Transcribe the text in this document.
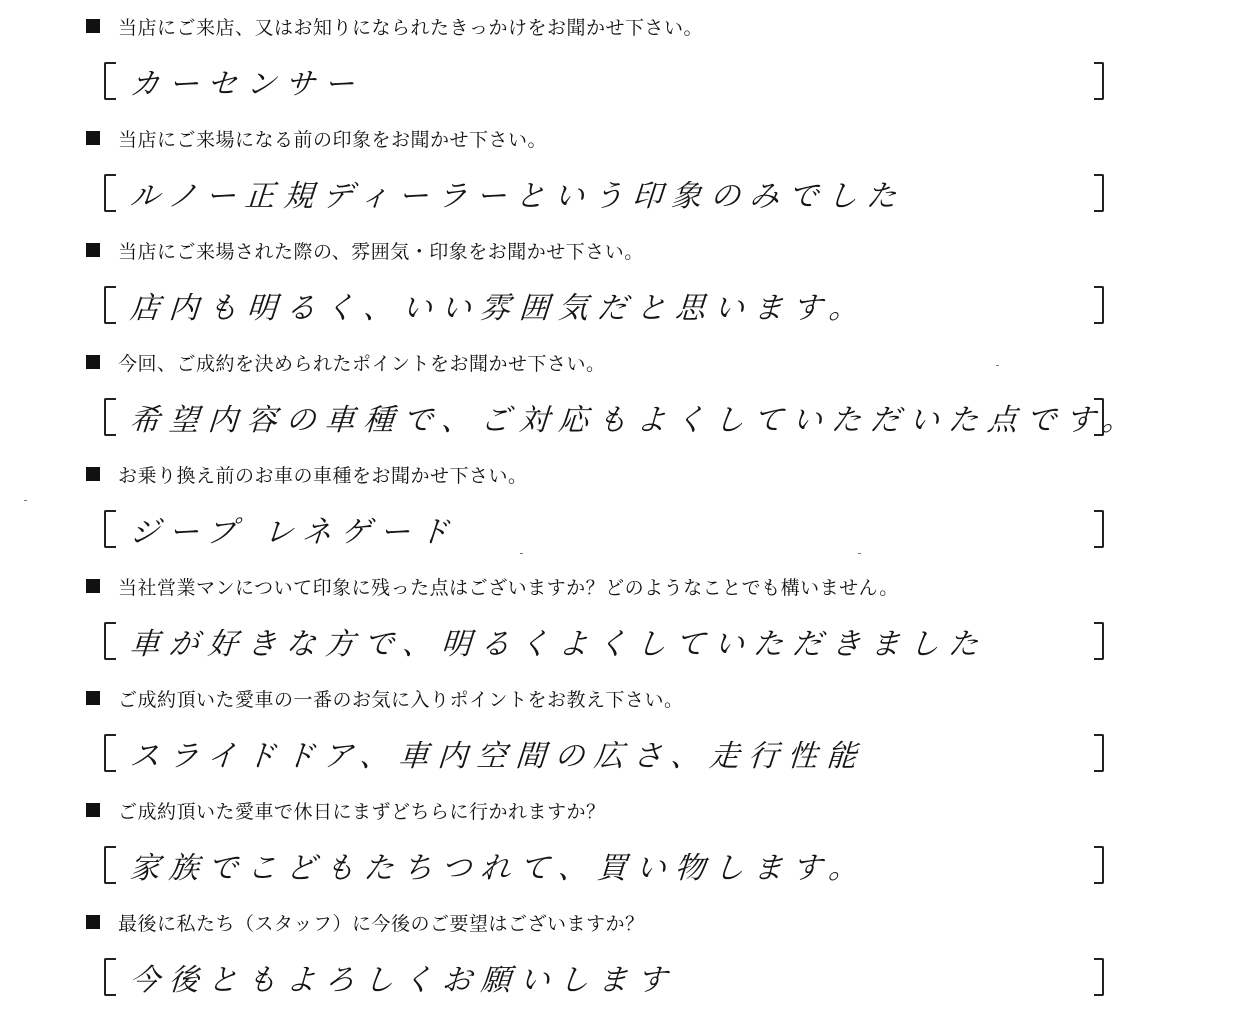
当店にご来店、又はお知りになられたきっかけをお聞かせ下さい。
カーセンサー
当店にご来場になる前の印象をお聞かせ下さい。
ルノー正規ディーラーという印象のみでした
当店にご来場された際の、雰囲気・印象をお聞かせ下さい。
店内も明るく、いい雰囲気だと思います。
今回、ご成約を決められたポイントをお聞かせ下さい。
希望内容の車種で、ご対応もよくしていただいた点です。
お乗り換え前のお車の車種をお聞かせ下さい。
ジープ レネゲード
当社営業マンについて印象に残った点はございますか？どのようなことでも構いません。
車が好きな方で、明るくよくしていただきました
ご成約頂いた愛車の一番のお気に入りポイントをお教え下さい。
スライドドア、車内空間の広さ、走行性能
ご成約頂いた愛車で休日にまずどちらに行かれますか？
家族でこどもたちつれて、買い物します。
最後に私たち（スタッフ）に今後のご要望はございますか？
今後ともよろしくお願いします
